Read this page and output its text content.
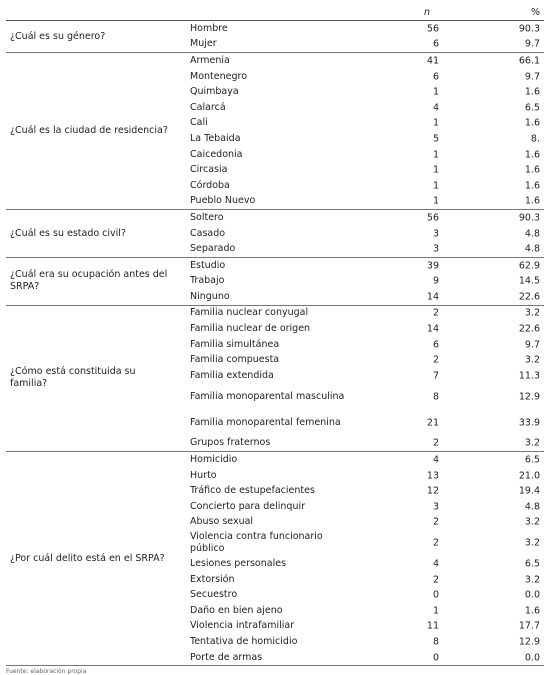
n	%
¿Cuál es su género?
Hombre	56	90.3
Mujer	6	9.7
¿Cuál es la ciudad de residencia?
Armenia	41	66.1
Montenegro	6	9.7
Quimbaya	1	1.6
Calarcá	4	6.5
Cali	1	1.6
La Tebaida	5	8.
Caicedonia	1	1.6
Circasia	1	1.6
Córdoba	1	1.6
Pueblo Nuevo	1	1.6
¿Cuál es su estado civil?
Soltero	56	90.3
Casado	3	4.8
Separado	3	4.8
¿Cuál era su ocupación antes del SRPA?
Estudio	39	62.9
Trabajo	9	14.5
Ninguno	14	22.6
¿Cómo está constituida su familia?
Familia nuclear conyugal	2	3.2
Familia nuclear de origen	14	22.6
Familia simultánea	6	9.7
Familia compuesta	2	3.2
Familia extendida	7	11.3
Familia monoparental masculina	8	12.9
Familia monoparental femenina	21	33.9
Grupos fraternos	2	3.2
¿Por cuál delito está en el SRPA?
Homicidio	4	6.5
Hurto	13	21.0
Tráfico de estupefacientes	12	19.4
Concierto para delinquir	3	4.8
Abuso sexual	2	3.2
Violencia contra funcionario público	2	3.2
Lesiones personales	4	6.5
Extorsión	2	3.2
Secuestro	0	0.0
Daño en bien ajeno	1	1.6
Violencia intrafamiliar	11	17.7
Tentativa de homicidio	8	12.9
Porte de armas	0	0.0
Fuente: elaboración propia
